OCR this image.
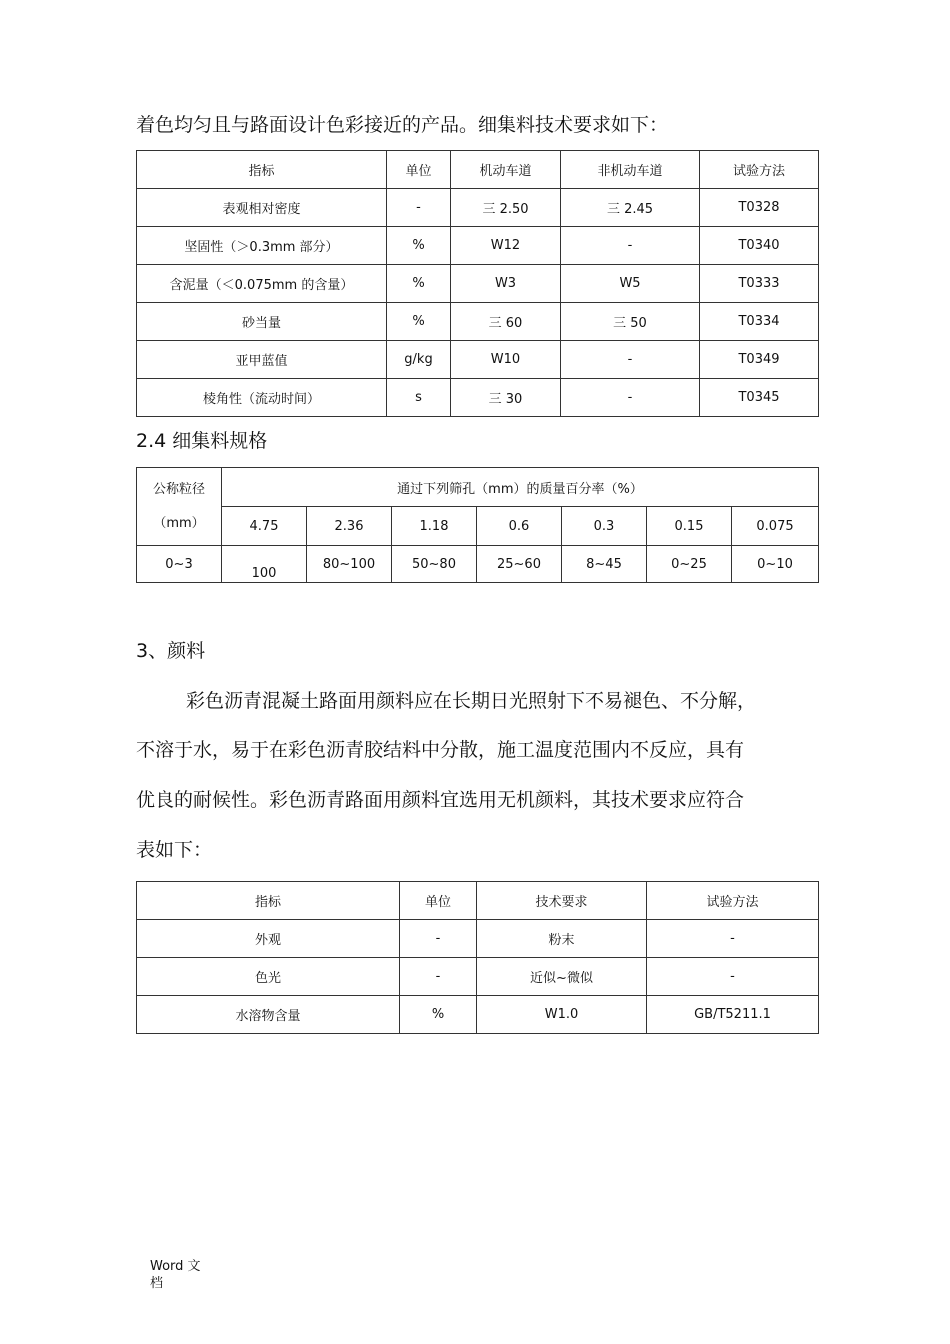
着色均匀且与路面设计色彩接近的产品。细集料技术要求如下：
指标	单位	机动车道	非机动车道	试验方法
表观相对密度	-	三 2.50	三 2.45	T0328
坚固性（＞0.3mm 部分）	%	W12	-	T0340
含泥量（＜0.075mm 的含量）	%	W3	W5	T0333
砂当量	%	三 60	三 50	T0334
亚甲蓝值	g/kg	W10	-	T0349
棱角性（流动时间）	s	三 30	-	T0345
2.4 细集料规格
公称粒径
（mm）	通过下列筛孔（mm）的质量百分率（%）						
	4.75	2.36	1.18	0.6	0.3	0.15	0.075
0~3	100	80~100	50~80	25~60	8~45	0~25	0~10
3、颜料
彩色沥青混凝土路面用颜料应在长期日光照射下不易褪色、不分解，
不溶于水，易于在彩色沥青胶结料中分散，施工温度范围内不反应，具有
优良的耐候性。彩色沥青路面用颜料宜选用无机颜料，其技术要求应符合
表如下：
指标	单位	技术要求	试验方法
外观	-	粉末	-
色光	-	近似~微似	-
水溶物含量	%	W1.0	GB/T5211.1
Word 文
档
